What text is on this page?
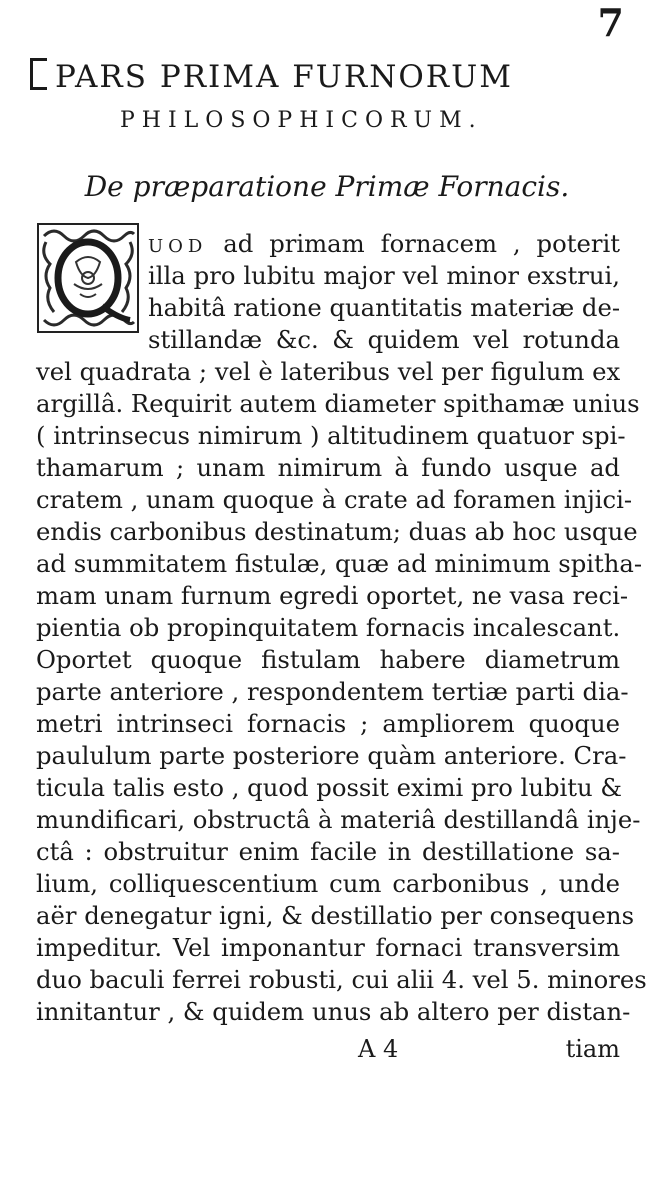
7
PARS PRIMA FURNORUM
PHILOSOPHICORUM.
De præparatione Primæ Fornacis.
UOD ad primam fornacem , poterit
illa pro lubitu major vel minor exstrui,
habitâ ratione quantitatis materiæ de-
stillandæ &c. & quidem vel rotunda
vel quadrata ; vel è lateribus vel per figulum ex
argillâ. Requirit autem diameter spithamæ unius
( intrinsecus nimirum ) altitudinem quatuor spi-
thamarum ; unam nimirum à fundo usque ad
cratem , unam quoque à crate ad foramen injici-
endis carbonibus destinatum; duas ab hoc usque
ad summitatem fistulæ, quæ ad minimum spitha-
mam unam furnum egredi oportet, ne vasa reci-
pientia ob propinquitatem fornacis incalescant.
Oportet quoque fistulam habere diametrum
parte anteriore , respondentem tertiæ parti dia-
metri intrinseci fornacis ; ampliorem quoque
paululum parte posteriore quàm anteriore. Cra-
ticula talis esto , quod possit eximi pro lubitu &
mundificari, obstructâ à materiâ destillandâ inje-
ctâ : obstruitur enim facile in destillatione sa-
lium, colliquescentium cum carbonibus , unde
aër denegatur igni, & destillatio per consequens
impeditur. Vel imponantur fornaci transversim
duo baculi ferrei robusti, cui alii 4. vel 5. minores
innitantur , & quidem unus ab altero per distan-
A 4	tiam
